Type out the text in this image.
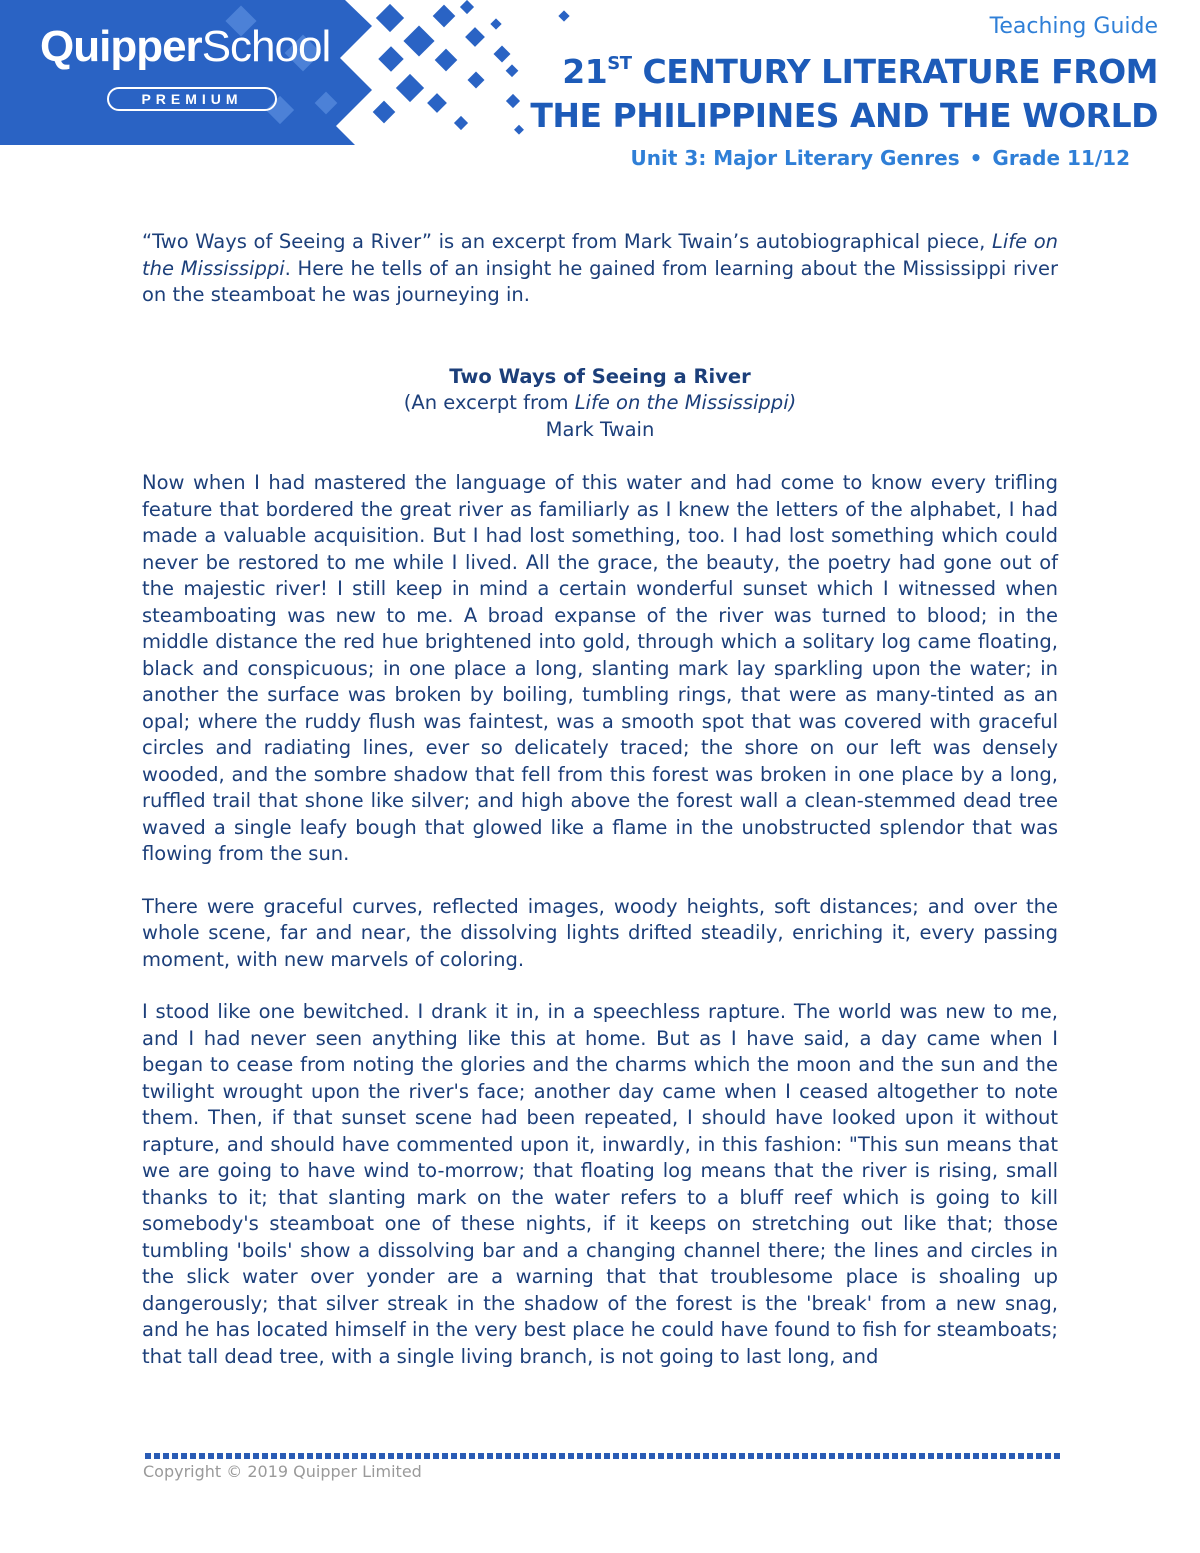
QuipperSchool
PREMIUM
Teaching Guide
21ST CENTURY LITERATURE FROM
THE PHILIPPINES AND THE WORLD
Unit 3: Major Literary Genres • Grade 11/12

“Two Ways of Seeing a River” is an excerpt from Mark Twain’s autobiographical piece, Life on the Mississippi. Here he tells of an insight he gained from learning about the Mississippi river on the steamboat he was journeying in.

Two Ways of Seeing a River

(An excerpt from Life on the Mississippi)

Mark Twain

Now when I had mastered the language of this water and had come to know every trifling feature that bordered the great river as familiarly as I knew the letters of the alphabet, I had made a valuable acquisition. But I had lost something, too. I had lost something which could never be restored to me while I lived. All the grace, the beauty, the poetry had gone out of the majestic river! I still keep in mind a certain wonderful sunset which I witnessed when steamboating was new to me. A broad expanse of the river was turned to blood; in the middle distance the red hue brightened into gold, through which a solitary log came floating, black and conspicuous; in one place a long, slanting mark lay sparkling upon the water; in another the surface was broken by boiling, tumbling rings, that were as many-tinted as an opal; where the ruddy flush was faintest, was a smooth spot that was covered with graceful circles and radiating lines, ever so delicately traced; the shore on our left was densely wooded, and the sombre shadow that fell from this forest was broken in one place by a long, ruffled trail that shone like silver; and high above the forest wall a clean-stemmed dead tree waved a single leafy bough that glowed like a flame in the unobstructed splendor that was flowing from the sun.

There were graceful curves, reflected images, woody heights, soft distances; and over the whole scene, far and near, the dissolving lights drifted steadily, enriching it, every passing moment, with new marvels of coloring.

I stood like one bewitched. I drank it in, in a speechless rapture. The world was new to me, and I had never seen anything like this at home. But as I have said, a day came when I began to cease from noting the glories and the charms which the moon and the sun and the twilight wrought upon the river's face; another day came when I ceased altogether to note them. Then, if that sunset scene had been repeated, I should have looked upon it without rapture, and should have commented upon it, inwardly, in this fashion: "This sun means that we are going to have wind to-morrow; that floating log means that the river is rising, small thanks to it; that slanting mark on the water refers to a bluff reef which is going to kill somebody's steamboat one of these nights, if it keeps on stretching out like that; those tumbling 'boils' show a dissolving bar and a changing channel there; the lines and circles in the slick water over yonder are a warning that that troublesome place is shoaling up dangerously; that silver streak in the shadow of the forest is the 'break' from a new snag, and he has located himself in the very best place he could have found to fish for steamboats; that tall dead tree, with a single living branch, is not going to last long, and

Copyright © 2019 Quipper Limited
